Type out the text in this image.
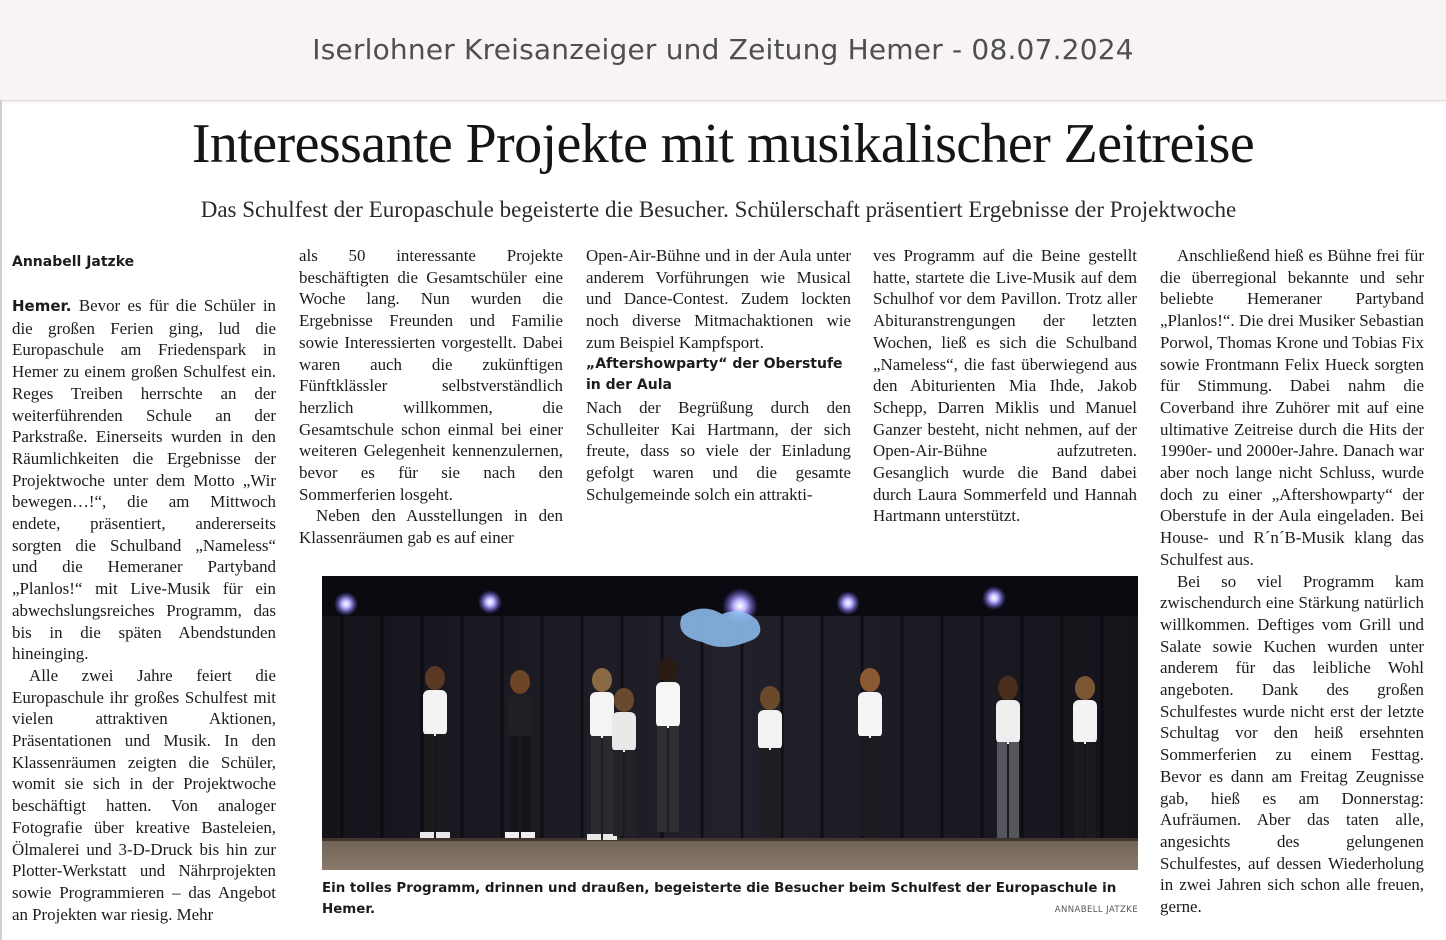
Iserlohner Kreisanzeiger und Zeitung Hemer - 08.07.2024
Interessante Projekte mit musikalischer Zeitreise
Das Schulfest der Europaschule begeisterte die Besucher. Schülerschaft präsentiert Ergebnisse der Projektwoche
Annabell Jatzke

Hemer. Bevor es für die Schüler in die großen Ferien ging, lud die Europaschule am Friedenspark in Hemer zu einem großen Schulfest ein. Reges Treiben herrschte an der weiterführenden Schule an der Parkstraße. Einerseits wurden in den Räumlichkeiten die Ergebnisse der Projektwoche unter dem Motto „Wir bewegen…!“, die am Mittwoch endete, präsentiert, andererseits sorgten die Schulband „Nameless“ und die Hemeraner Partyband „Planlos!“ mit Live-Musik für ein abwechslungsreiches Programm, das bis in die späten Abendstunden hineinging.

Alle zwei Jahre feiert die Europaschule ihr großes Schulfest mit vielen attraktiven Aktionen, Präsentationen und Musik. In den Klassenräumen zeigten die Schüler, womit sie sich in der Projektwoche beschäftigt hatten. Von analoger Fotografie über kreative Basteleien, Ölmalerei und 3-D-Druck bis hin zur Plotter-Werkstatt und Nährprojekten sowie Programmieren – das Angebot an Projekten war riesig. Mehr

als 50 interessante Projekte beschäftigten die Gesamtschüler eine Woche lang. Nun wurden die Ergebnisse Freunden und Familie sowie Interessierten vorgestellt. Dabei waren auch die zukünftigen Fünftklässler selbstverständlich herzlich willkommen, die Gesamtschule schon einmal bei einer weiteren Gelegenheit kennenzulernen, bevor es für sie nach den Sommerferien losgeht.

Neben den Ausstellungen in den Klassenräumen gab es auf einer

Open-Air-Bühne und in der Aula unter anderem Vorführungen wie Musical und Dance-Contest. Zudem lockten noch diverse Mitmachaktionen wie zum Beispiel Kampfsport.

„Aftershowparty“ der Oberstufe in der Aula

Nach der Begrüßung durch den Schulleiter Kai Hartmann, der sich freute, dass so viele der Einladung gefolgt waren und die gesamte Schulgemeinde solch ein attrakti-

ves Programm auf die Beine gestellt hatte, startete die Live-Musik auf dem Schulhof vor dem Pavillon. Trotz aller Abituranstrengungen der letzten Wochen, ließ es sich die Schulband „Nameless“, die fast überwiegend aus den Abiturienten Mia Ihde, Jakob Schepp, Darren Miklis und Manuel Ganzer besteht, nicht nehmen, auf der Open-Air-Bühne aufzutreten. Gesanglich wurde die Band dabei durch Laura Sommerfeld und Hannah Hartmann unterstützt.

Anschließend hieß es Bühne frei für die überregional bekannte und sehr beliebte Hemeraner Partyband „Planlos!“. Die drei Musiker Sebastian Porwol, Thomas Krone und Tobias Fix sowie Frontmann Felix Hueck sorgten für Stimmung. Dabei nahm die Coverband ihre Zuhörer mit auf eine ultimative Zeitreise durch die Hits der 1990er- und 2000er-Jahre. Danach war aber noch lange nicht Schluss, wurde doch zu einer „Aftershowparty“ der Oberstufe in der Aula eingeladen. Bei House- und R´n´B-Musik klang das Schulfest aus.

Bei so viel Programm kam zwischendurch eine Stärkung natürlich willkommen. Deftiges vom Grill und Salate sowie Kuchen wurden unter anderem für das leibliche Wohl angeboten. Dank des großen Schulfestes wurde nicht erst der letzte Schultag vor den heiß ersehnten Sommerferien zu einem Festtag. Bevor es dann am Freitag Zeugnisse gab, hieß es am Donnerstag: Aufräumen. Aber das taten alle, angesichts des gelungenen Schulfestes, auf dessen Wiederholung in zwei Jahren sich schon alle freuen, gerne.

Ein tolles Programm, drinnen und draußen, begeisterte die Besucher beim Schulfest der Europaschule in Hemer.	ANNABELL JATZKE
